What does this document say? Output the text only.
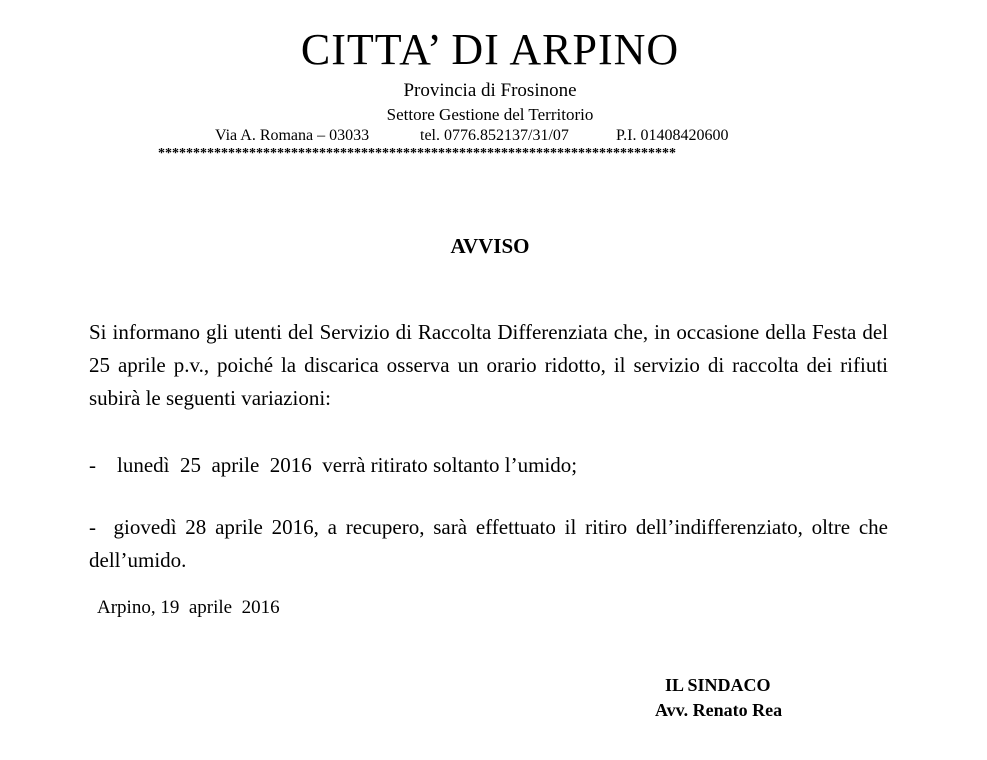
CITTA’ DI ARPINO
Provincia di Frosinone
Settore Gestione del Territorio
Via A. Romana – 03033	tel. 0776.852137/31/07	P.I. 01408420600
**************************************************************************
AVVISO
Si informano gli utenti del Servizio di Raccolta Differenziata che, in occasione della Festa del 25 aprile p.v., poiché la discarica osserva un orario ridotto, il servizio di raccolta dei rifiuti subirà le seguenti variazioni:
-    lunedì  25  aprile  2016  verrà ritirato soltanto l’umido;
-  giovedì 28 aprile 2016, a recupero, sarà effettuato il ritiro dell’indifferenziato, oltre che dell’umido.
Arpino, 19  aprile  2016
IL SINDACO
Avv. Renato Rea
